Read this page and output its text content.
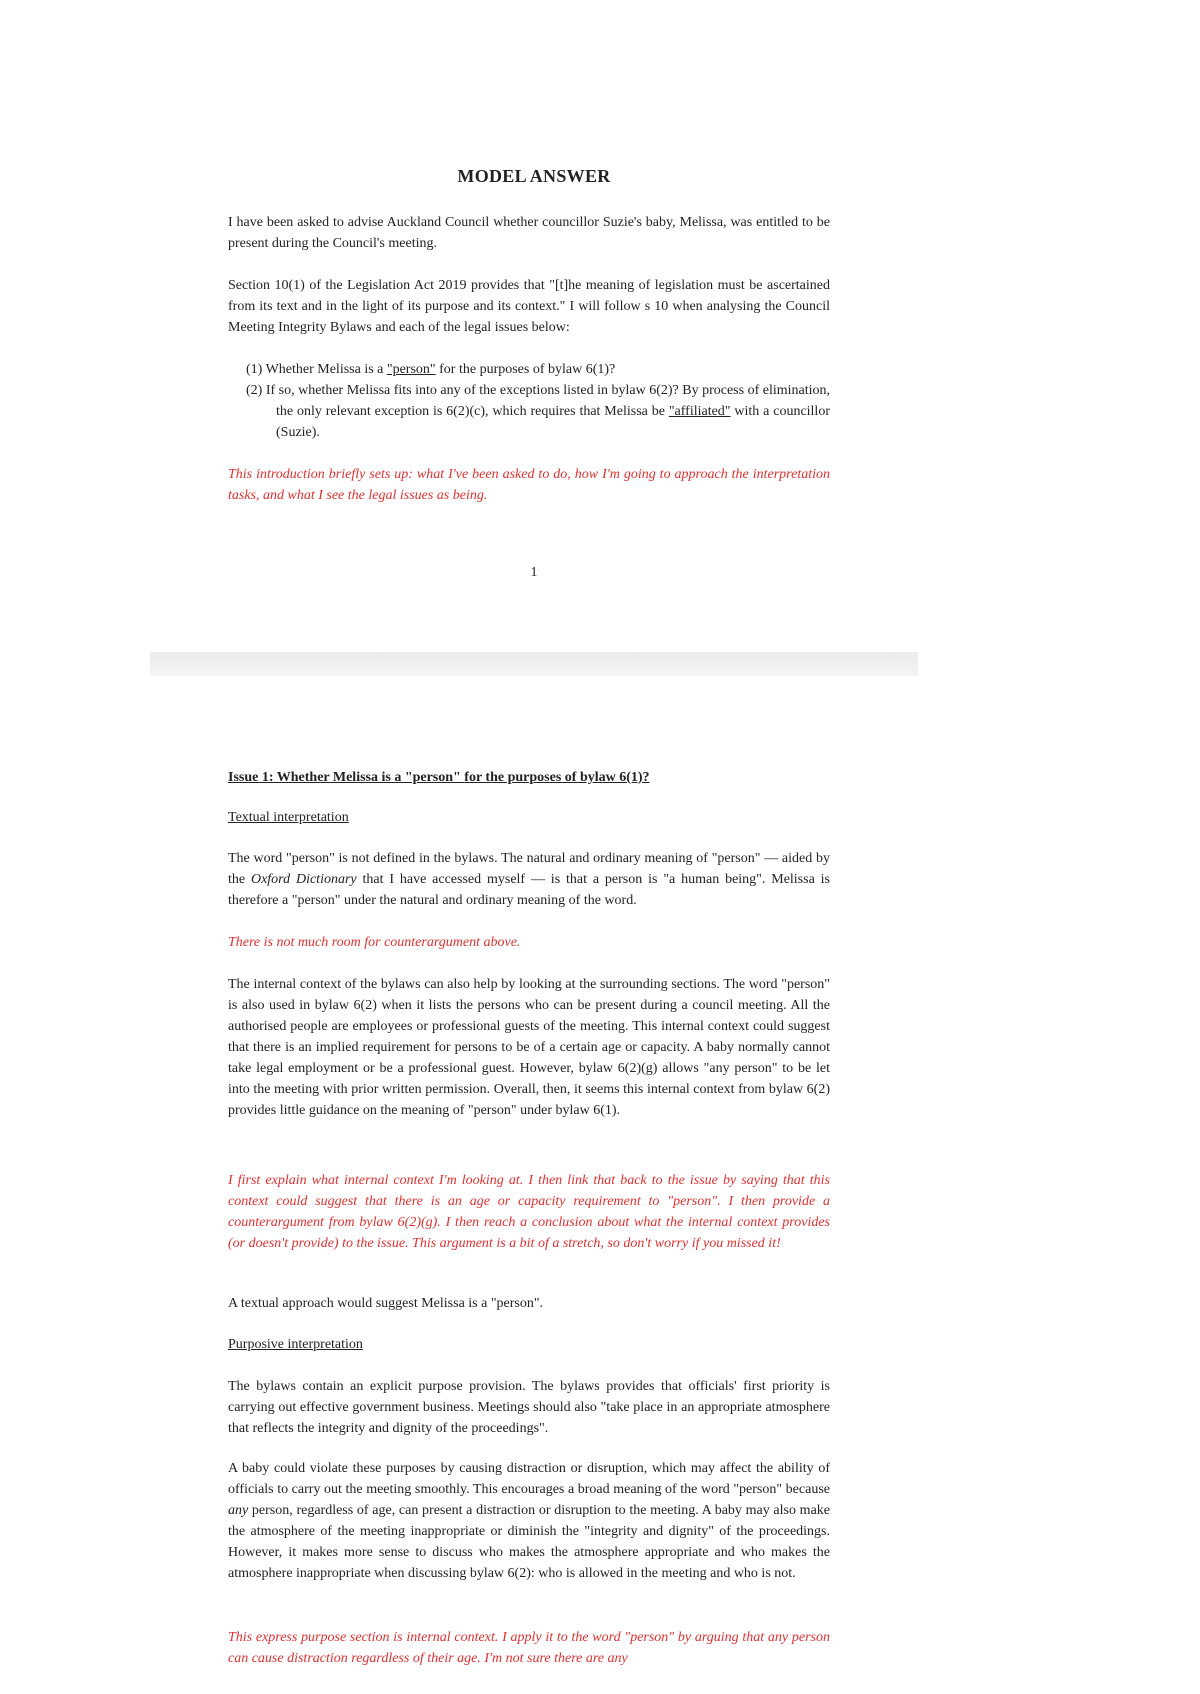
MODEL ANSWER

I have been asked to advise Auckland Council whether councillor Suzie's baby, Melissa, was entitled to be present during the Council's meeting.

Section 10(1) of the Legislation Act 2019 provides that "[t]he meaning of legislation must be ascertained from its text and in the light of its purpose and its context." I will follow s 10 when analysing the Council Meeting Integrity Bylaws and each of the legal issues below:

(1) Whether Melissa is a "person" for the purposes of bylaw 6(1)?
(2) If so, whether Melissa fits into any of the exceptions listed in bylaw 6(2)? By process of elimination, the only relevant exception is 6(2)(c), which requires that Melissa be "affiliated" with a councillor (Suzie).

This introduction briefly sets up: what I've been asked to do, how I'm going to approach the interpretation tasks, and what I see the legal issues as being.

1

Issue 1: Whether Melissa is a "person" for the purposes of bylaw 6(1)?

Textual interpretation

The word "person" is not defined in the bylaws. The natural and ordinary meaning of "person" — aided by the Oxford Dictionary that I have accessed myself — is that a person is "a human being". Melissa is therefore a "person" under the natural and ordinary meaning of the word.

There is not much room for counterargument above.

The internal context of the bylaws can also help by looking at the surrounding sections. The word "person" is also used in bylaw 6(2) when it lists the persons who can be present during a council meeting. All the authorised people are employees or professional guests of the meeting. This internal context could suggest that there is an implied requirement for persons to be of a certain age or capacity. A baby normally cannot take legal employment or be a professional guest. However, bylaw 6(2)(g) allows "any person" to be let into the meeting with prior written permission. Overall, then, it seems this internal context from bylaw 6(2) provides little guidance on the meaning of "person" under bylaw 6(1).

I first explain what internal context I'm looking at. I then link that back to the issue by saying that this context could suggest that there is an age or capacity requirement to "person". I then provide a counterargument from bylaw 6(2)(g). I then reach a conclusion about what the internal context provides (or doesn't provide) to the issue. This argument is a bit of a stretch, so don't worry if you missed it!

A textual approach would suggest Melissa is a "person".

Purposive interpretation

The bylaws contain an explicit purpose provision. The bylaws provides that officials' first priority is carrying out effective government business. Meetings should also "take place in an appropriate atmosphere that reflects the integrity and dignity of the proceedings".

A baby could violate these purposes by causing distraction or disruption, which may affect the ability of officials to carry out the meeting smoothly. This encourages a broad meaning of the word "person" because any person, regardless of age, can present a distraction or disruption to the meeting. A baby may also make the atmosphere of the meeting inappropriate or diminish the "integrity and dignity" of the proceedings. However, it makes more sense to discuss who makes the atmosphere appropriate and who makes the atmosphere inappropriate when discussing bylaw 6(2): who is allowed in the meeting and who is not.

This express purpose section is internal context. I apply it to the word "person" by arguing that any person can cause distraction regardless of their age. I'm not sure there are any
